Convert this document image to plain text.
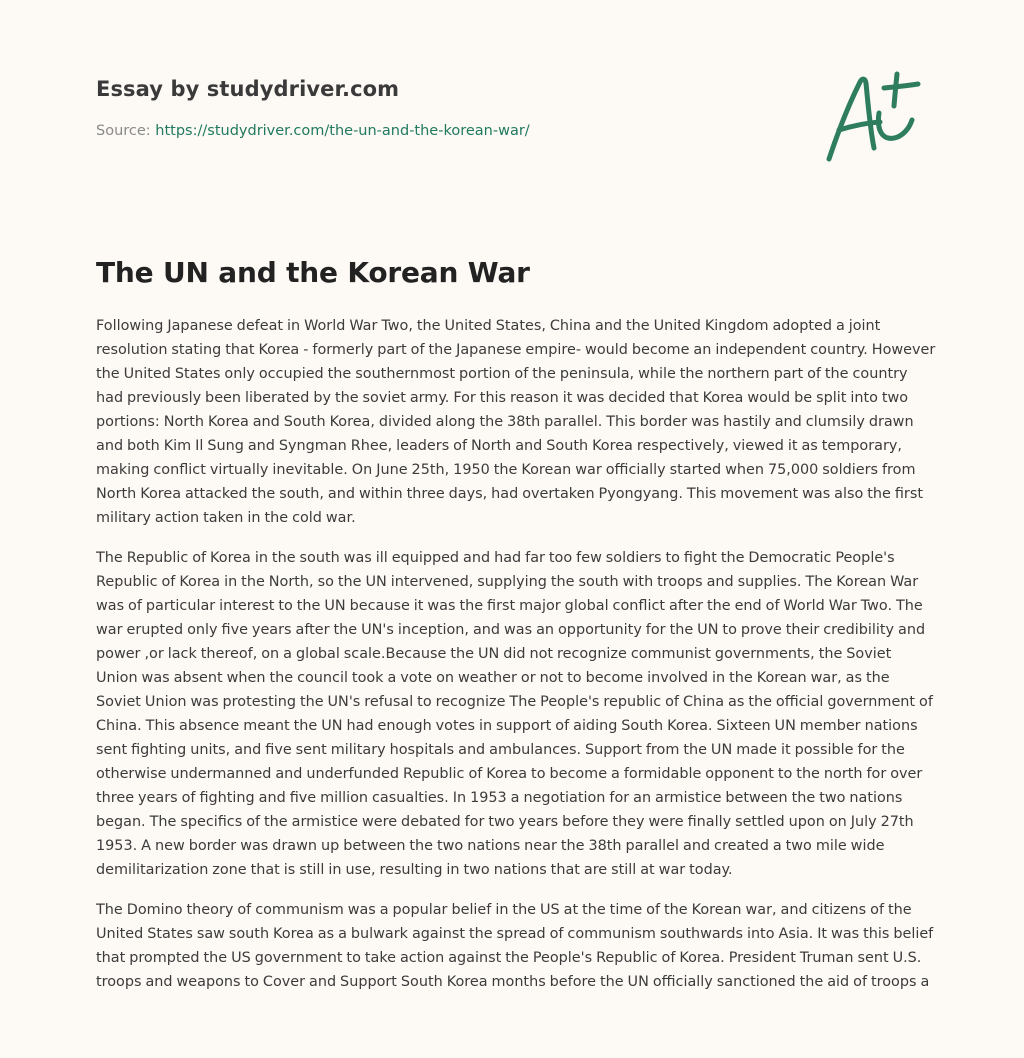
Essay by studydriver.com
Source: https://studydriver.com/the-un-and-the-korean-war/
The UN and the Korean War

Following Japanese defeat in World War Two, the United States, China and the United Kingdom adopted a joint resolution stating that Korea - formerly part of the Japanese empire- would become an independent country. However the United States only occupied the southernmost portion of the peninsula, while the northern part of the country had previously been liberated by the soviet army. For this reason it was decided that Korea would be split into two portions: North Korea and South Korea, divided along the 38th parallel. This border was hastily and clumsily drawn and both Kim Il Sung and Syngman Rhee, leaders of North and South Korea respectively, viewed it as temporary, making conflict virtually inevitable. On June 25th, 1950 the Korean war officially started when 75,000 soldiers from North Korea attacked the south, and within three days, had overtaken Pyongyang. This movement was also the first military action taken in the cold war.

The Republic of Korea in the south was ill equipped and had far too few soldiers to fight the Democratic People's Republic of Korea in the North, so the UN intervened, supplying the south with troops and supplies. The Korean War was of particular interest to the UN because it was the first major global conflict after the end of World War Two. The war erupted only five years after the UN's inception, and was an opportunity for the UN to prove their credibility and power ,or lack thereof, on a global scale.Because the UN did not recognize communist governments, the Soviet Union was absent when the council took a vote on weather or not to become involved in the Korean war, as the Soviet Union was protesting the UN's refusal to recognize The People's republic of China as the official government of China. This absence meant the UN had enough votes in support of aiding South Korea. Sixteen UN member nations sent fighting units, and five sent military hospitals and ambulances. Support from the UN made it possible for the otherwise undermanned and underfunded Republic of Korea to become a formidable opponent to the north for over three years of fighting and five million casualties. In 1953 a negotiation for an armistice between the two nations began. The specifics of the armistice were debated for two years before they were finally settled upon on July 27th 1953. A new border was drawn up between the two nations near the 38th parallel and created a two mile wide demilitarization zone that is still in use, resulting in two nations that are still at war today.

The Domino theory of communism was a popular belief in the US at the time of the Korean war, and citizens of the United States saw south Korea as a bulwark against the spread of communism southwards into Asia. It was this belief that prompted the US government to take action against the People's Republic of Korea. President Truman sent U.S. troops and weapons to Cover and Support South Korea months before the UN officially sanctioned the aid of troops a
